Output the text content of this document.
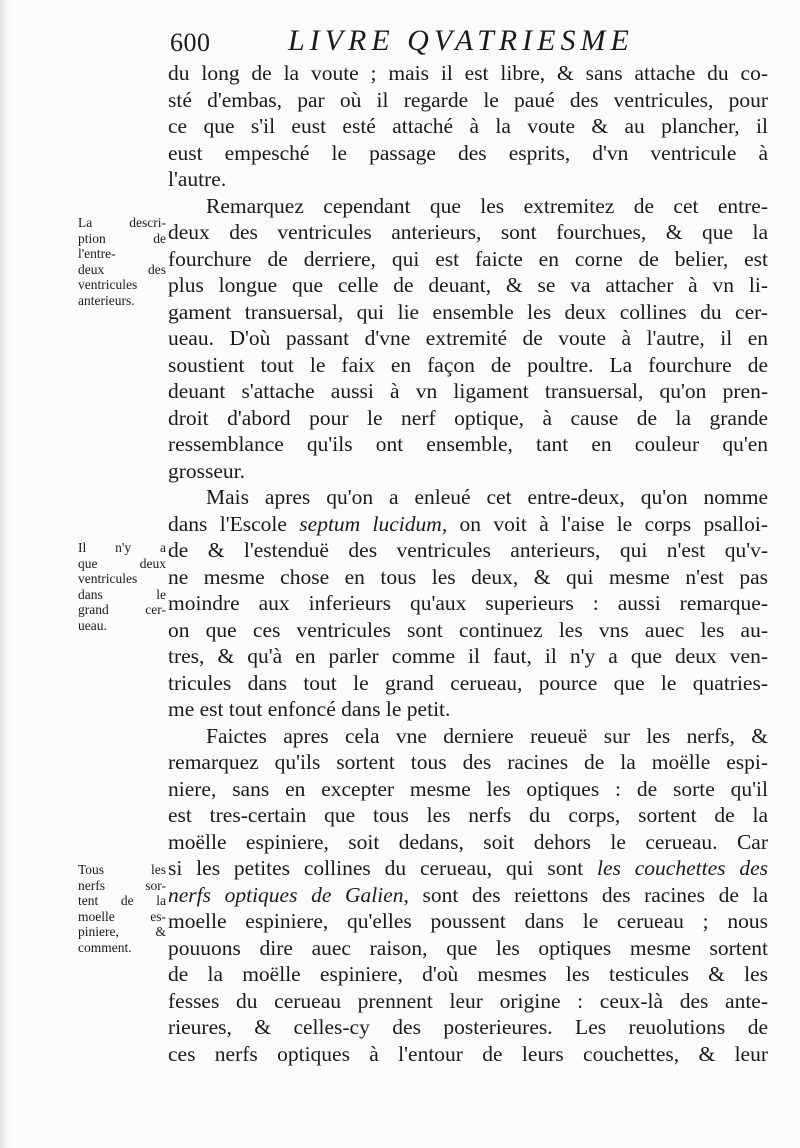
600	LIVRE QVATRIESME
du long de la voute ; mais il est libre, & sans attache du co-
sté d'embas, par où il regarde le paué des ventricules, pour
ce que s'il eust esté attaché à la voute & au plancher, il
eust empesché le passage des esprits, d'vn ventricule à
l'autre.
Remarquez cependant que les extremitez de cet entre-
deux des ventricules anterieurs, sont fourchues, & que la
fourchure de derriere, qui est faicte en corne de belier, est
plus longue que celle de deuant, & se va attacher à vn li-
gament transuersal, qui lie ensemble les deux collines du cer-
ueau. D'où passant d'vne extremité de voute à l'autre, il en
soustient tout le faix en façon de poultre. La fourchure de
deuant s'attache aussi à vn ligament transuersal, qu'on pren-
droit d'abord pour le nerf optique, à cause de la grande
ressemblance qu'ils ont ensemble, tant en couleur qu'en
grosseur.
Mais apres qu'on a enleué cet entre-deux, qu'on nomme
dans l'Escole septum lucidum, on voit à l'aise le corps psalloi-
de & l'estenduë des ventricules anterieurs, qui n'est qu'v-
ne mesme chose en tous les deux, & qui mesme n'est pas
moindre aux inferieurs qu'aux superieurs : aussi remarque-
on que ces ventricules sont continuez les vns auec les au-
tres, & qu'à en parler comme il faut, il n'y a que deux ven-
tricules dans tout le grand cerueau, pource que le quatries-
me est tout enfoncé dans le petit.
Faictes apres cela vne derniere reueuë sur les nerfs, &
remarquez qu'ils sortent tous des racines de la moëlle espi-
niere, sans en excepter mesme les optiques : de sorte qu'il
est tres-certain que tous les nerfs du corps, sortent de la
moëlle espiniere, soit dedans, soit dehors le cerueau. Car
si les petites collines du cerueau, qui sont les couchettes des
nerfs optiques de Galien, sont des reiettons des racines de la
moelle espiniere, qu'elles poussent dans le cerueau ; nous
pouuons dire auec raison, que les optiques mesme sortent
de la moëlle espiniere, d'où mesmes les testicules & les
fesses du cerueau prennent leur origine : ceux-là des ante-
rieures, & celles-cy des posterieures. Les reuolutions de
ces nerfs optiques à l'entour de leurs couchettes, & leur
La descri-
ption de
l'entre-
deux des
ventricules
anterieurs.
Il n'y a
que deux
ventricules
dans le
grand cer-
ueau.
Tous les
nerfs sor-
tent de la
moelle es-
piniere, &
comment.
